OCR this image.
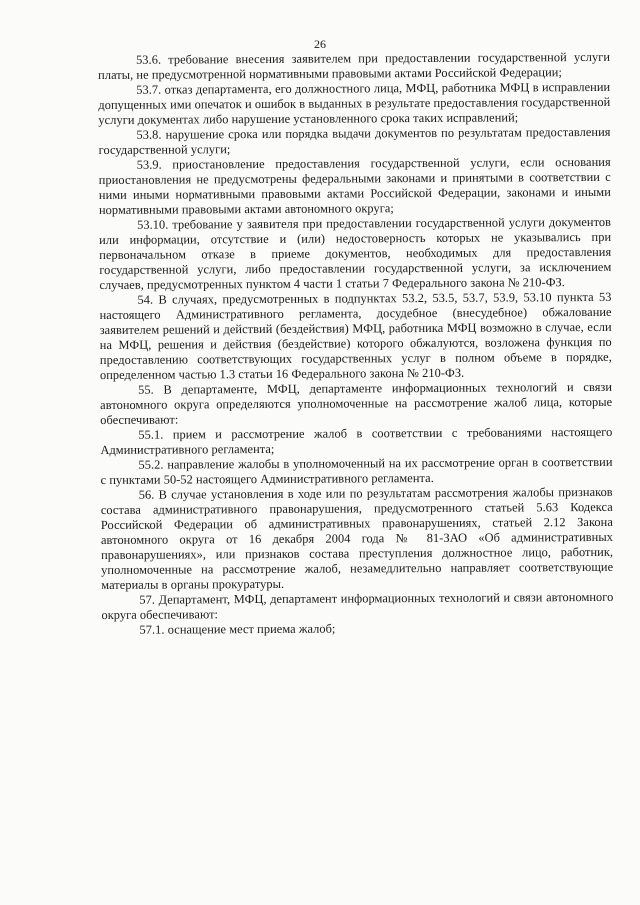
26

53.6. требование внесения заявителем при предоставлении государственной услуги платы, не предусмотренной нормативными правовыми актами Российской Федерации;

53.7. отказ департамента, его должностного лица, МФЦ, работника МФЦ в исправлении допущенных ими опечаток и ошибок в выданных в результате предоставления государственной услуги документах либо нарушение установленного срока таких исправлений;

53.8. нарушение срока или порядка выдачи документов по результатам предоставления государственной услуги;

53.9. приостановление предоставления государственной услуги, если основания приостановления не предусмотрены федеральными законами и принятыми в соответствии с ними иными нормативными правовыми актами Российской Федерации, законами и иными нормативными правовыми актами автономного округа;

53.10. требование у заявителя при предоставлении государственной услуги документов или информации, отсутствие и (или) недостоверность которых не указывались при первоначальном отказе в приеме документов, необходимых для предоставления государственной услуги, либо предоставлении государственной услуги, за исключением случаев, предусмотренных пунктом 4 части 1 статьи 7 Федерального закона № 210-ФЗ.

54. В случаях, предусмотренных в подпунктах 53.2, 53.5, 53.7, 53.9, 53.10 пункта 53 настоящего Административного регламента, досудебное (внесудебное) обжалование заявителем решений и действий (бездействия) МФЦ, работника МФЦ возможно в случае, если на МФЦ, решения и действия (бездействие) которого обжалуются, возложена функция по предоставлению соответствующих государственных услуг в полном объеме в порядке, определенном частью 1.3 статьи 16 Федерального закона № 210-ФЗ.

55. В департаменте, МФЦ, департаменте информационных технологий и связи автономного округа определяются уполномоченные на рассмотрение жалоб лица, которые обеспечивают:

55.1. прием и рассмотрение жалоб в соответствии с требованиями настоящего Административного регламента;

55.2. направление жалобы в уполномоченный на их рассмотрение орган в соответствии с пунктами 50-52 настоящего Административного регламента.

56. В случае установления в ходе или по результатам рассмотрения жалобы признаков состава административного правонарушения, предусмотренного статьей 5.63 Кодекса Российской Федерации об административных правонарушениях, статьей 2.12 Закона автономного округа от 16 декабря 2004 года № 81-ЗАО «Об административных правонарушениях», или признаков состава преступления должностное лицо, работник, уполномоченные на рассмотрение жалоб, незамедлительно направляет соответствующие материалы в органы прокуратуры.

57. Департамент, МФЦ, департамент информационных технологий и связи автономного округа обеспечивают:

57.1. оснащение мест приема жалоб;
